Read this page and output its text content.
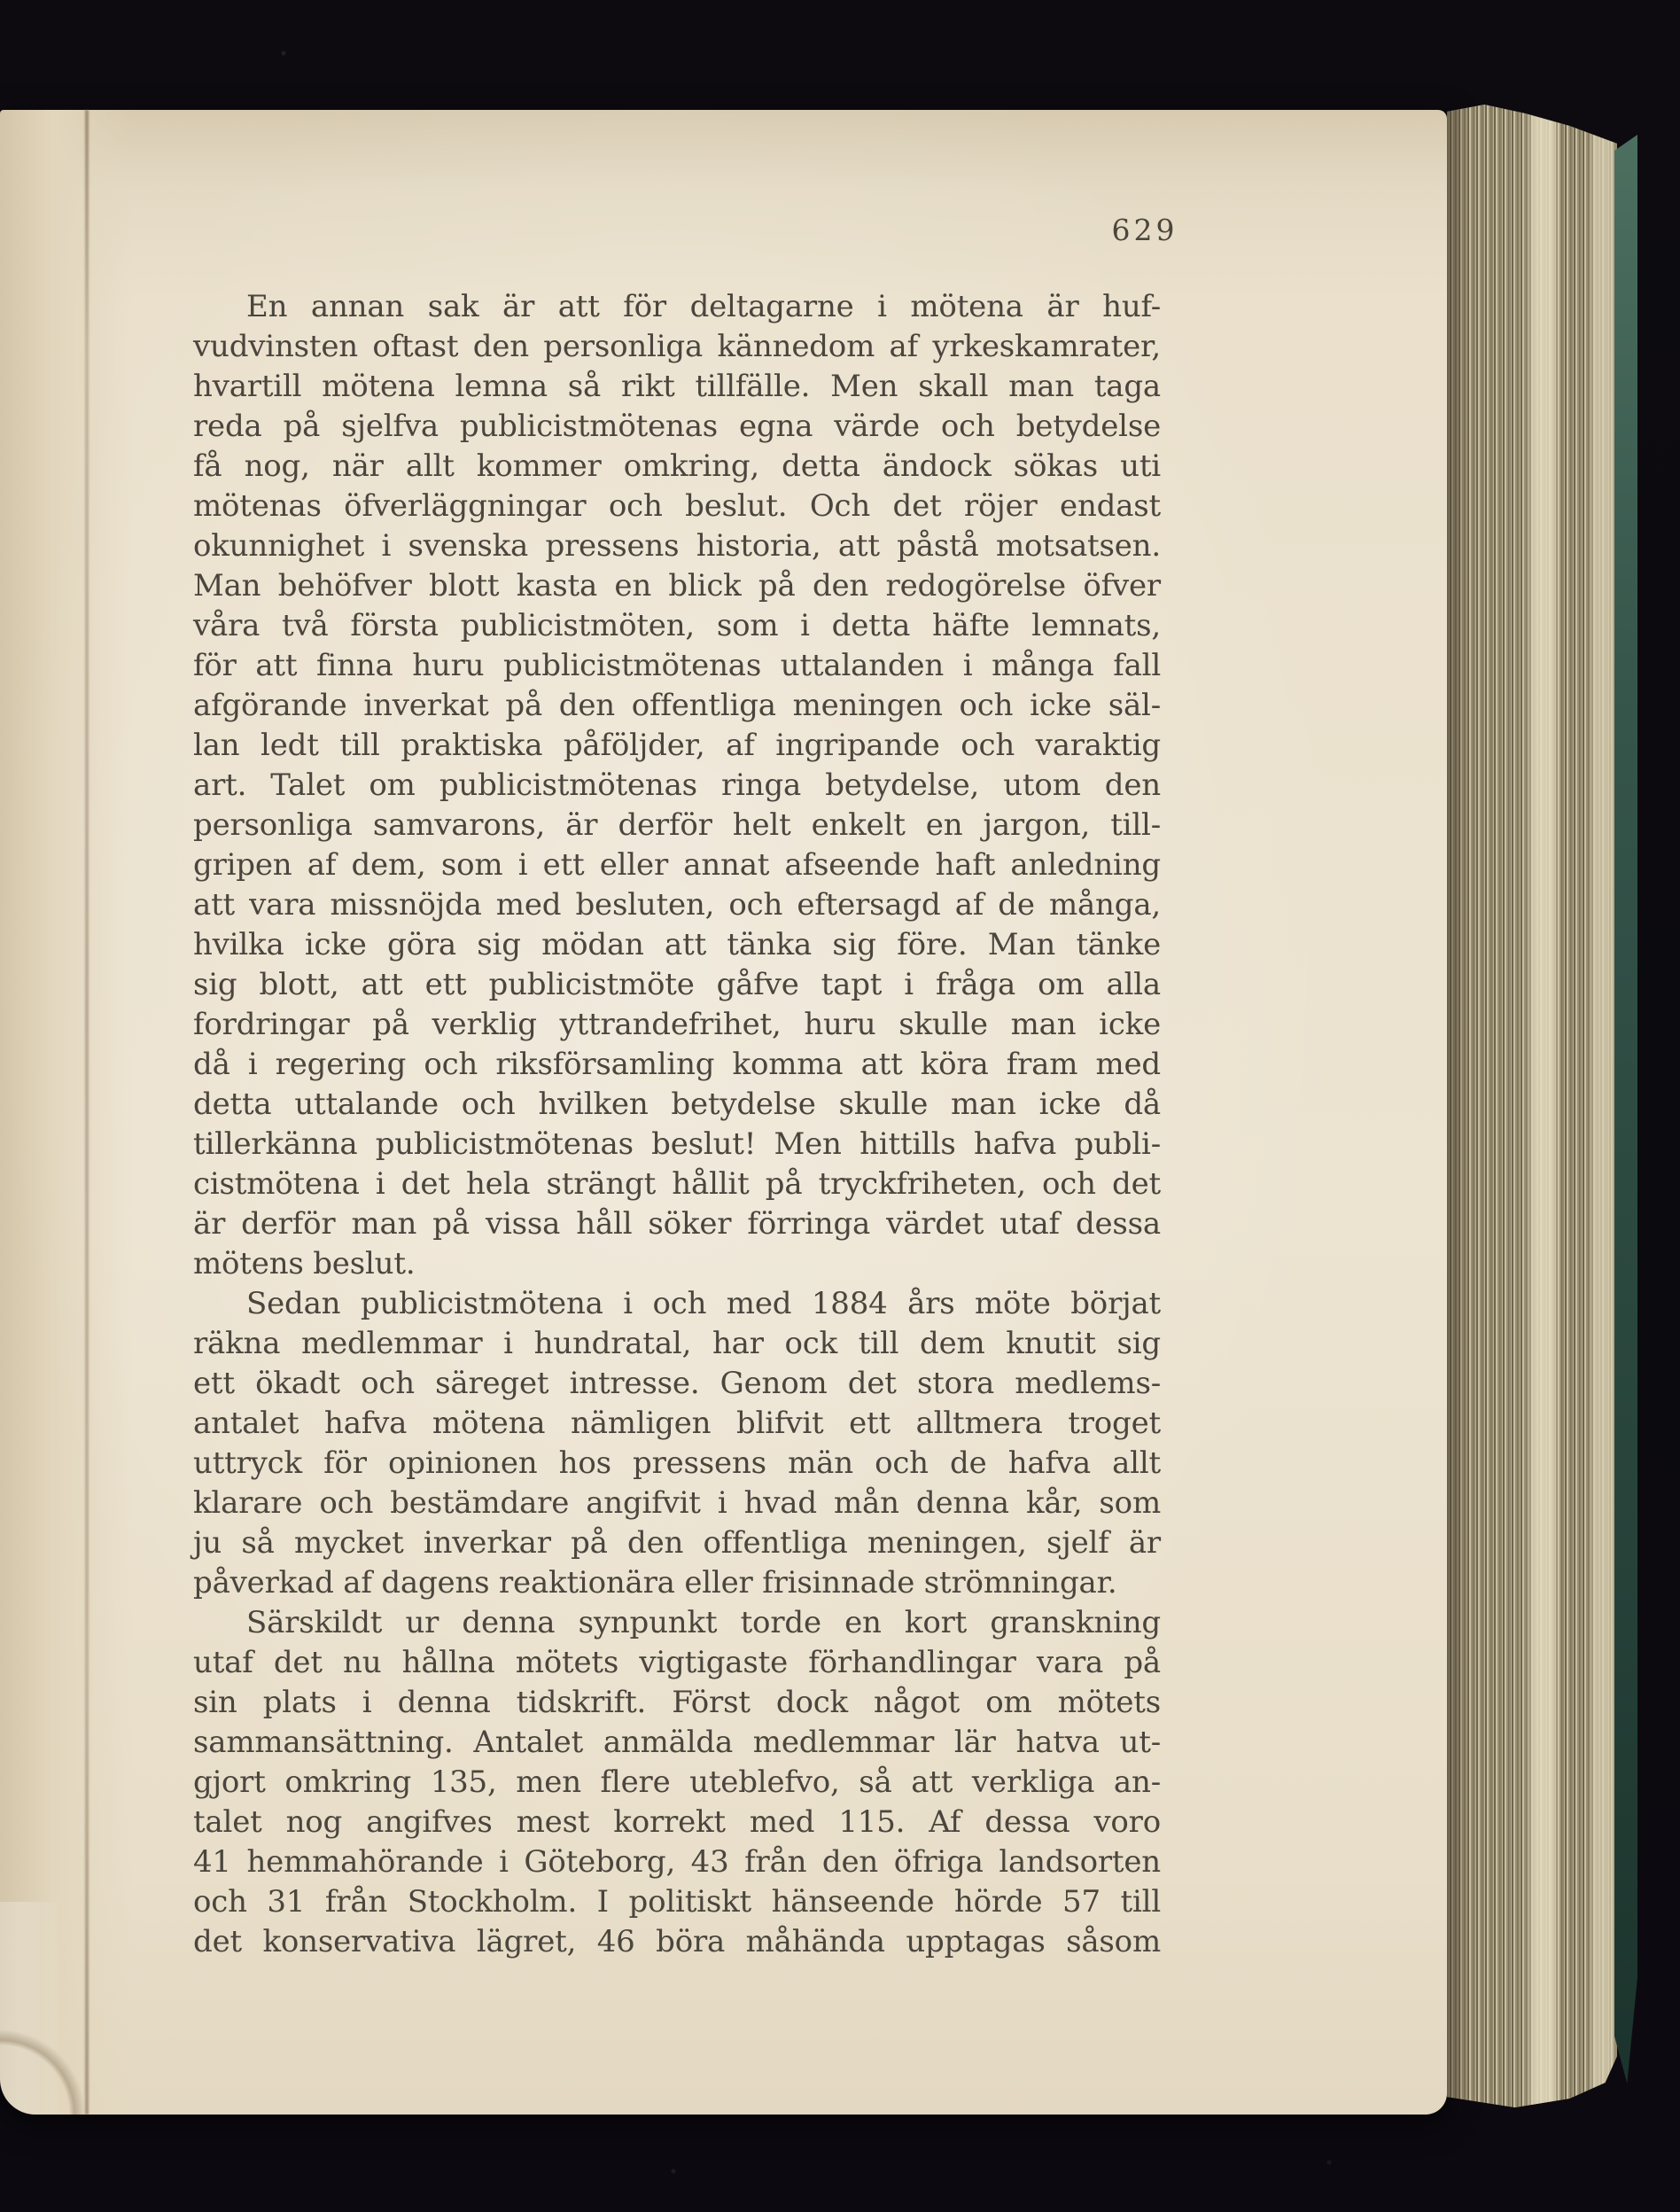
629
En annan sak är att för deltagarne i mötena är huf-
vudvinsten oftast den personliga kännedom af yrkeskamrater,
hvartill mötena lemna så rikt tillfälle. Men skall man taga
reda på sjelfva publicistmötenas egna värde och betydelse
få nog, när allt kommer omkring, detta ändock sökas uti
mötenas öfverläggningar och beslut. Och det röjer endast
okunnighet i svenska pressens historia, att påstå motsatsen.
Man behöfver blott kasta en blick på den redogörelse öfver
våra två första publicistmöten, som i detta häfte lemnats,
för att finna huru publicistmötenas uttalanden i många fall
afgörande inverkat på den offentliga meningen och icke säl-
lan ledt till praktiska påföljder, af ingripande och varaktig
art. Talet om publicistmötenas ringa betydelse, utom den
personliga samvarons, är derför helt enkelt en jargon, till-
gripen af dem, som i ett eller annat afseende haft anledning
att vara missnöjda med besluten, och eftersagd af de många,
hvilka icke göra sig mödan att tänka sig före. Man tänke
sig blott, att ett publicistmöte gåfve tapt i fråga om alla
fordringar på verklig yttrandefrihet, huru skulle man icke
då i regering och riksförsamling komma att köra fram med
detta uttalande och hvilken betydelse skulle man icke då
tillerkänna publicistmötenas beslut! Men hittills hafva publi-
cistmötena i det hela strängt hållit på tryckfriheten, och det
är derför man på vissa håll söker förringa värdet utaf dessa
mötens beslut.
Sedan publicistmötena i och med 1884 års möte börjat
räkna medlemmar i hundratal, har ock till dem knutit sig
ett ökadt och säreget intresse. Genom det stora medlems-
antalet hafva mötena nämligen blifvit ett alltmera troget
uttryck för opinionen hos pressens män och de hafva allt
klarare och bestämdare angifvit i hvad mån denna kår, som
ju så mycket inverkar på den offentliga meningen, sjelf är
påverkad af dagens reaktionära eller frisinnade strömningar.
Särskildt ur denna synpunkt torde en kort granskning
utaf det nu hållna mötets vigtigaste förhandlingar vara på
sin plats i denna tidskrift. Först dock något om mötets
sammansättning. Antalet anmälda medlemmar lär hatva ut-
gjort omkring 135, men flere uteblefvo, så att verkliga an-
talet nog angifves mest korrekt med 115. Af dessa voro
41 hemmahörande i Göteborg, 43 från den öfriga landsorten
och 31 från Stockholm. I politiskt hänseende hörde 57 till
det konservativa lägret, 46 böra måhända upptagas såsom
